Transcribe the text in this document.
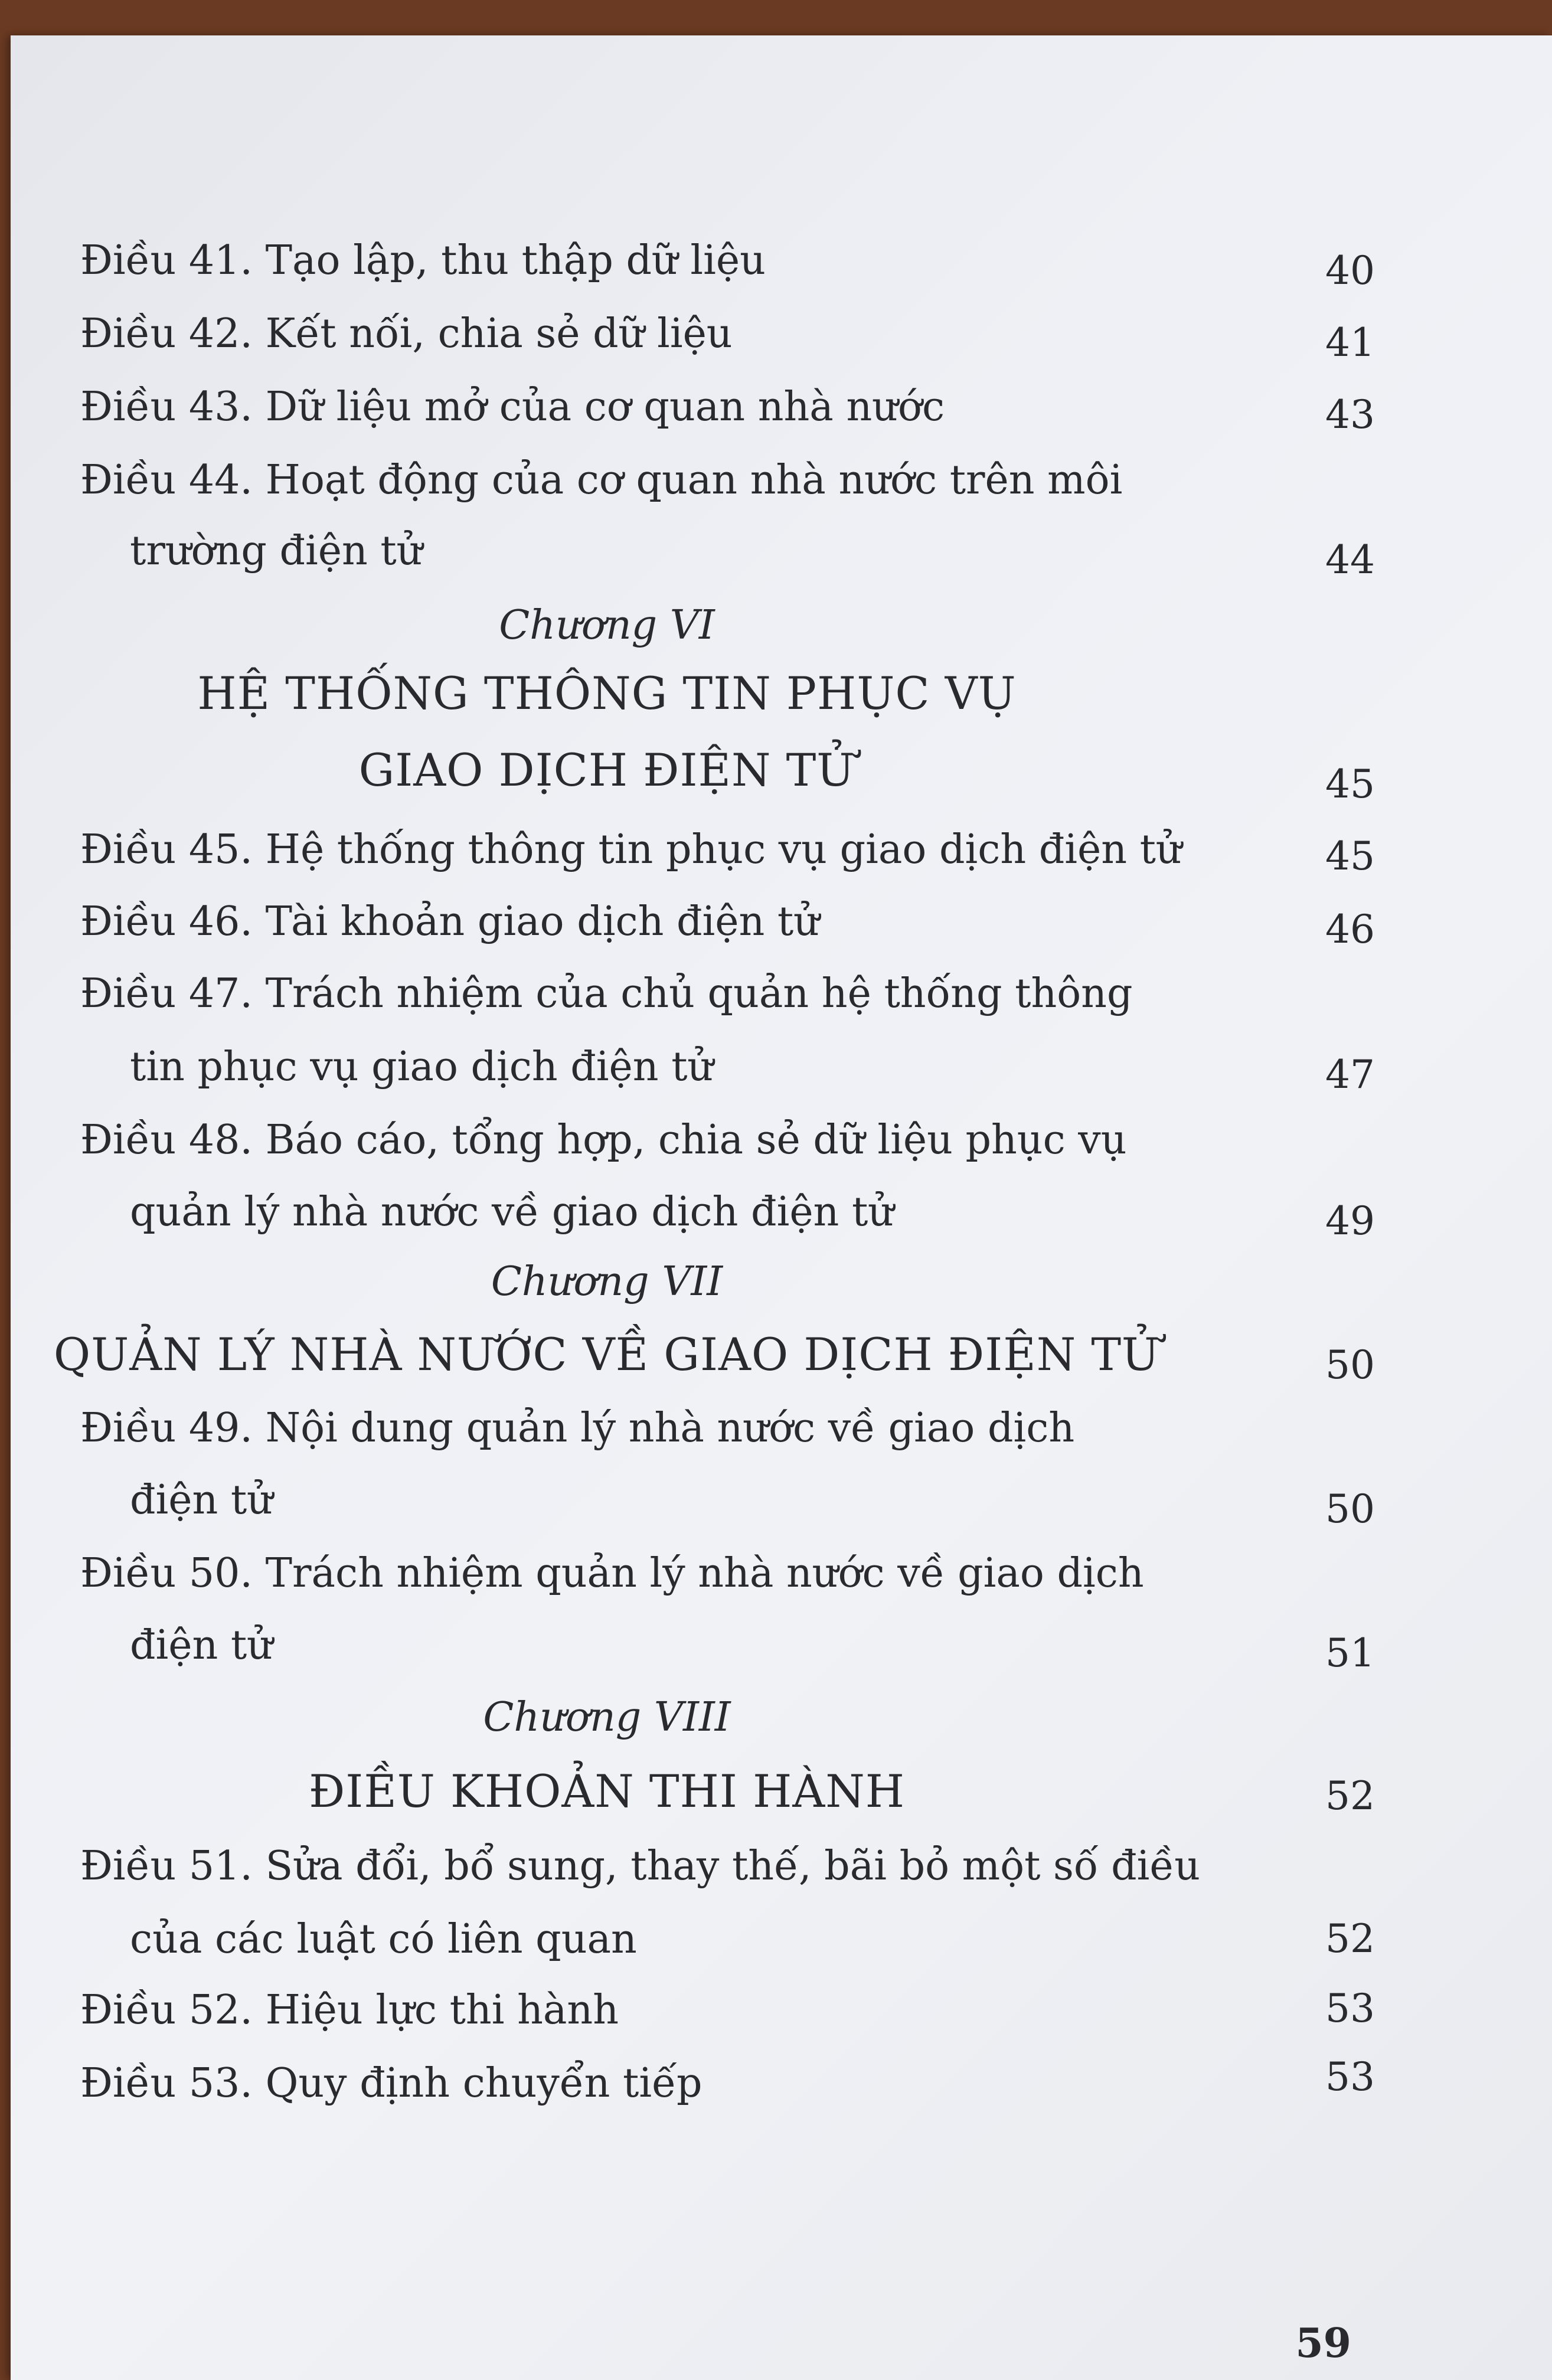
Điều 41. Tạo lập, thu thập dữ liệu	40
Điều 42. Kết nối, chia sẻ dữ liệu	41
Điều 43. Dữ liệu mở của cơ quan nhà nước	43
Điều 44. Hoạt động của cơ quan nhà nước trên môi
trường điện tử	44
Chương VI
HỆ THỐNG THÔNG TIN PHỤC VỤ
GIAO DỊCH ĐIỆN TỬ	45
Điều 45. Hệ thống thông tin phục vụ giao dịch điện tử	45
Điều 46. Tài khoản giao dịch điện tử	46
Điều 47. Trách nhiệm của chủ quản hệ thống thông
tin phục vụ giao dịch điện tử	47
Điều 48. Báo cáo, tổng hợp, chia sẻ dữ liệu phục vụ
quản lý nhà nước về giao dịch điện tử	49
Chương VII
QUẢN LÝ NHÀ NƯỚC VỀ GIAO DỊCH ĐIỆN TỬ	50
Điều 49. Nội dung quản lý nhà nước về giao dịch
điện tử	50
Điều 50. Trách nhiệm quản lý nhà nước về giao dịch
điện tử	51
Chương VIII
ĐIỀU KHOẢN THI HÀNH	52
Điều 51. Sửa đổi, bổ sung, thay thế, bãi bỏ một số điều
của các luật có liên quan	52
Điều 52. Hiệu lực thi hành	53
Điều 53. Quy định chuyển tiếp	53
59
